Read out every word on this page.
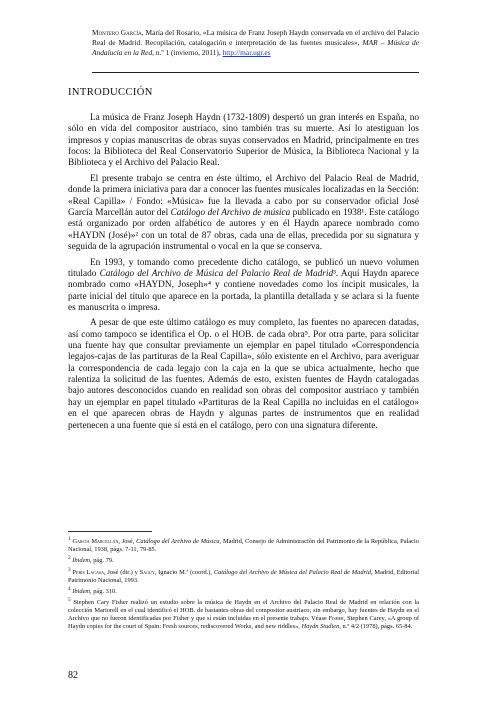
Montero García, María del Rosario, «La música de Franz Joseph Haydn conservada en el archivo del Palacio Real de Madrid. Recopilación, catalogación e interpretación de las fuentes musicales», MAR – Música de Andalucía en la Red, n.º 1 (invierno, 2011), http://mar.ugr.es
INTRODUCCIÓN

La música de Franz Joseph Haydn (1732-1809) despertó un gran interés en España, no sólo en vida del compositor austriaco, sino también tras su muerte. Así lo atestiguan los impresos y copias manuscritas de obras suyas conservados en Madrid, principalmente en tres focos: la Biblioteca del Real Conservatorio Superior de Música, la Biblioteca Nacional y la Biblioteca y el Archivo del Palacio Real.

El presente trabajo se centra en éste último, el Archivo del Palacio Real de Madrid, donde la primera iniciativa para dar a conocer las fuentes musicales localizadas en la Sección: «Real Capilla» / Fondo: «Música» fue la llevada a cabo por su conservador oficial José García Marcellán autor del Catálogo del Archivo de música publicado en 1938¹. Este catálogo está organizado por orden alfabético de autores y en él Haydn aparece nombrado como «HAYDN (José)»² con un total de 87 obras, cada una de ellas, precedida por su signatura y seguida de la agrupación instrumental o vocal en la que se conserva.

En 1993, y tomando como precedente dicho catálogo, se publicó un nuevo volumen titulado Catálogo del Archivo de Música del Palacio Real de Madrid³. Aquí Haydn aparece nombrado como «HAYDN, Joseph»⁴ y contiene novedades como los íncipit musicales, la parte inicial del título que aparece en la portada, la plantilla detallada y se aclara si la fuente es manuscrita o impresa.

A pesar de que este último catálogo es muy completo, las fuentes no aparecen datadas, así como tampoco se identifica el Op. o el HOB. de cada obra⁵. Por otra parte, para solicitar una fuente hay que consultar previamente un ejemplar en papel titulado «Correspondencia legajos-cajas de las partituras de la Real Capilla», sólo existente en el Archivo, para averiguar la correspondencia de cada legajo con la caja en la que se ubica actualmente, hecho que ralentiza la solicitud de las fuentes. Además de esto, existen fuentes de Haydn catalogadas bajo autores desconocidos cuando en realidad son obras del compositor austriaco y también hay un ejemplar en papel titulado «Partituras de la Real Capilla no incluidas en el catálogo» en el que aparecen obras de Haydn y algunas partes de instrumentos que en realidad pertenecen a una fuente que sí está en el catálogo, pero con una signatura diferente.

$^1$ García Marcellán, José, Catálogo del Archivo de Música, Madrid, Consejo de Administración del Patrimonio de la República, Palacio Nacional, 1938, págs. 7-11, 79-85.
$^2$ Ibidem, pág. 79.
$^3$ Peris Lacasa, José (dir.) y Saguy, Ignacio M.ª (coord.), Catálogo del Archivo de Música del Palacio Real de Madrid, Madrid, Editorial Patrimonio Nacional, 1993.
$^4$ Ibidem, pág. 310.
$^5$ Stephen Cary Fisher realizó un estudio sobre la música de Haydn en el Archivo del Palacio Real de Madrid en relación con la colección Mariorell en el cual identificó el HOB. de bastantes obras del compositor austriaco; sin embargo, hay fuentes de Haydn en el Archivo que no fueron identificadas por Fisher y que sí están incluidas en el presente trabajo. Véase Fisher, Stephen Carey, «A group of Haydn copies for the court of Spain: Fresh sources, rediscovered Works, and new riddles», Haydn Studien, n.º 4/2 (1978), págs. 65-84.
82
